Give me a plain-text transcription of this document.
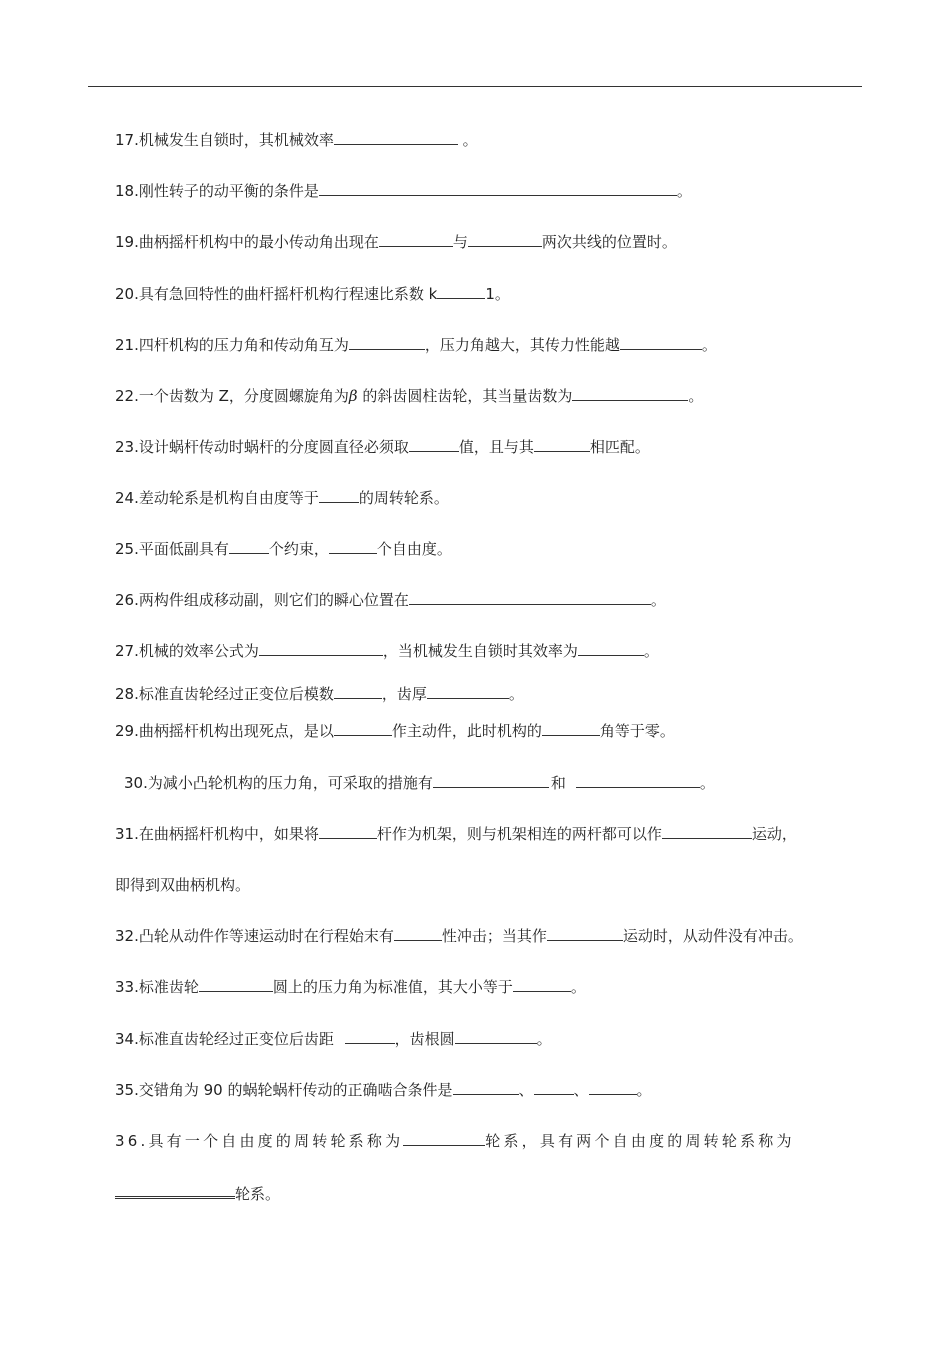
17.机械发生自锁时，其机械效率	。
18.刚性转子的动平衡的条件是	。
19.曲柄摇杆机构中的最小传动角出现在	与	两次共线的位置时。
20.具有急回特性的曲杆摇杆机构行程速比系数 k	1。
21.四杆机构的压力角和传动角互为	，压力角越大，其传力性能越	。
22.一个齿数为 Z，分度圆螺旋角为β 的斜齿圆柱齿轮，其当量齿数为	。
23.设计蜗杆传动时蜗杆的分度圆直径必须取	值，且与其	相匹配。
24.差动轮系是机构自由度等于	的周转轮系。
25.平面低副具有	个约束，	个自由度。
26.两构件组成移动副，则它们的瞬心位置在	。
27.机械的效率公式为	，当机械发生自锁时其效率为	。
28.标准直齿轮经过正变位后模数	，齿厚	。
29.曲柄摇杆机构出现死点，是以	作主动件，此时机构的	角等于零。
30.为减小凸轮机构的压力角，可采取的措施有	和	。
31.在曲柄摇杆机构中，如果将	杆作为机架，则与机架相连的两杆都可以作	运动，
即得到双曲柄机构。
32.凸轮从动件作等速运动时在行程始末有	性冲击；当其作	运动时，从动件没有冲击。
33.标准齿轮	圆上的压力角为标准值，其大小等于	。
34.标准直齿轮经过正变位后齿距	，齿根圆	。
35.交错角为 90 的蜗轮蜗杆传动的正确啮合条件是	、	、	。
36.具有一个自由度的周转轮系称为	轮系，具有两个自由度的周转轮系称为
轮系。
